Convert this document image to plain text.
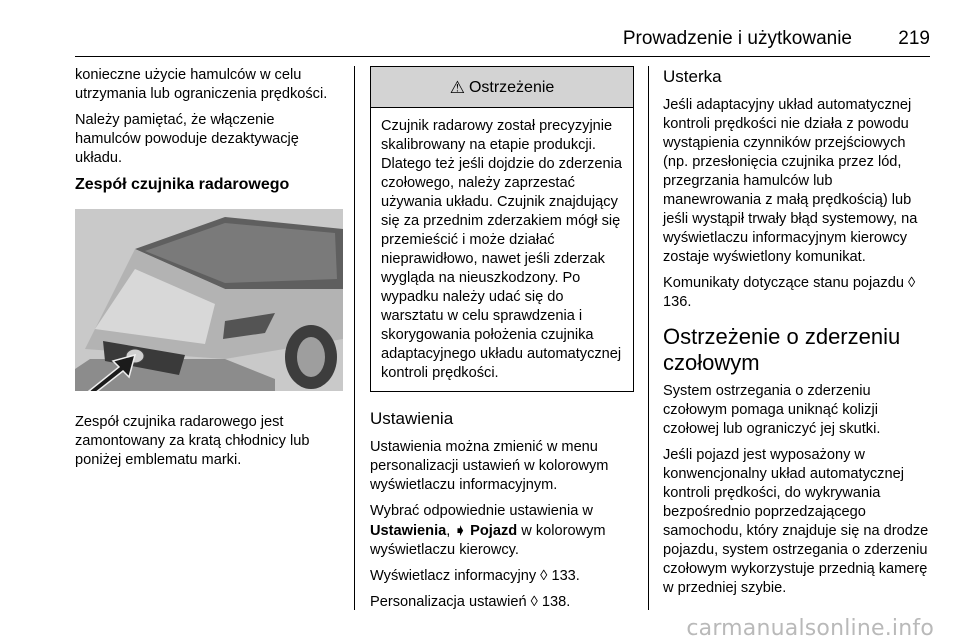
Prowadzenie i użytkowanie 219

konieczne użycie hamulców w celu utrzymania lub ograniczenia prędkości.

Należy pamiętać, że włączenie hamulców powoduje dezaktywację układu.

Zespół czujnika radarowego

Zespół czujnika radarowego jest zamontowany za kratą chłodnicy lub poniżej emblematu marki.

⚠ Ostrzeżenie
Czujnik radarowy został precyzyjnie skalibrowany na etapie produkcji. Dlatego też jeśli dojdzie do zderzenia czołowego, należy zaprzestać używania układu. Czujnik znajdujący się za przednim zderzakiem mógł się przemieścić i może działać nieprawidłowo, nawet jeśli zderzak wygląda na nieuszkodzony. Po wypadku należy udać się do warsztatu w celu sprawdzenia i skorygowania położenia czujnika adaptacyjnego układu automatycznej kontroli prędkości.
Ustawienia

Ustawienia można zmienić w menu personalizacji ustawień w kolorowym wyświetlaczu informacyjnym.

Wybrać odpowiednie ustawienia w Ustawienia, ➧ Pojazd w kolorowym wyświetlaczu kierowcy.

Wyświetlacz informacyjny ◊ 133.

Personalizacja ustawień ◊ 138.

Usterka

Jeśli adaptacyjny układ automatycznej kontroli prędkości nie działa z powodu wystąpienia czynników przejściowych (np. przesłonięcia czujnika przez lód, przegrzania hamulców lub manewrowania z małą prędkością) lub jeśli wystąpił trwały błąd systemowy, na wyświetlaczu informacyjnym kierowcy zostaje wyświetlony komunikat.

Komunikaty dotyczące stanu pojazdu ◊ 136.

Ostrzeżenie o zderzeniu czołowym

System ostrzegania o zderzeniu czołowym pomaga uniknąć kolizji czołowej lub ograniczyć jej skutki.

Jeśli pojazd jest wyposażony w konwencjonalny układ automatycznej kontroli prędkości, do wykrywania bezpośrednio poprzedzającego samochodu, który znajduje się na drodze pojazdu, system ostrzegania o zderzeniu czołowym wykorzystuje przednią kamerę w przedniej szybie.

carmanualsonline.info
